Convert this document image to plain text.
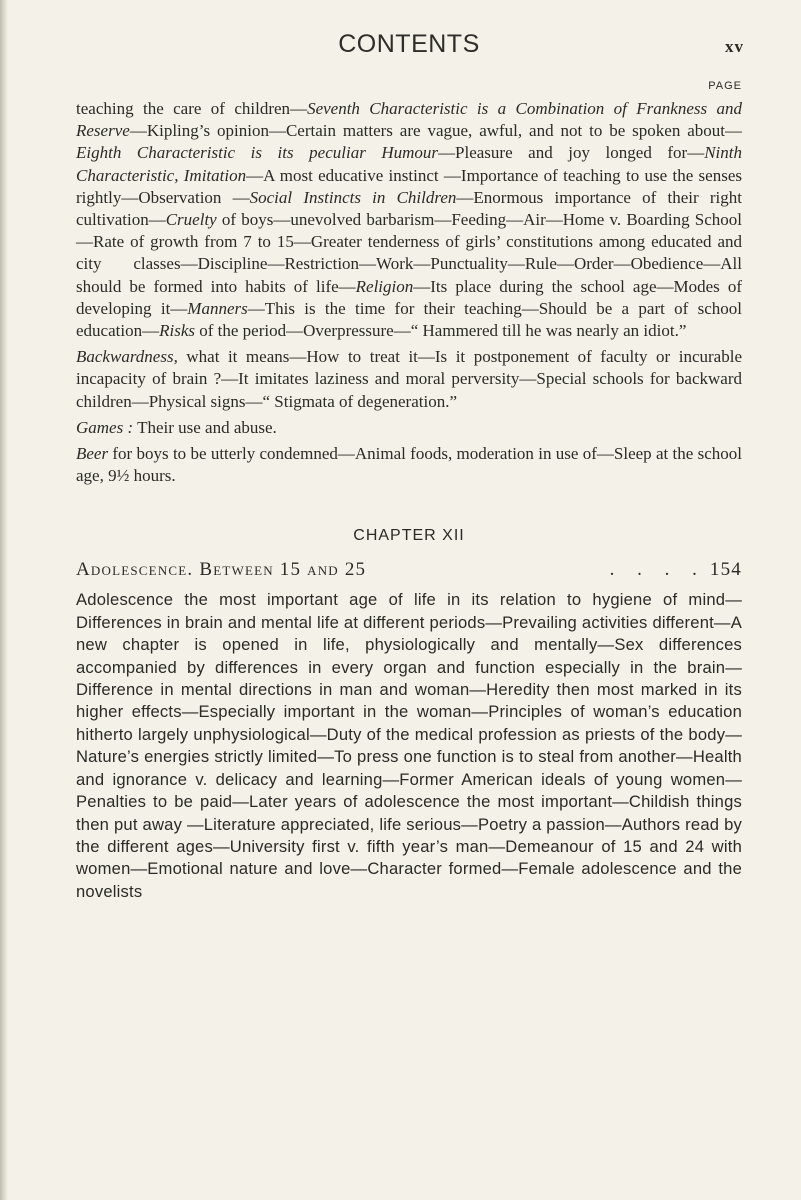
CONTENTS	xv
PAGE

teaching the care of children—Seventh Characteristic is a Combination of Frankness and Reserve—Kipling’s opinion—Certain matters are vague, awful, and not to be spoken about—Eighth Characteristic is its peculiar Humour—Pleasure and joy longed for—Ninth Characteristic, Imitation—A most educative instinct —Importance of teaching to use the senses rightly—Observation —Social Instincts in Children—Enormous importance of their right cultivation—Cruelty of boys—unevolved barbarism—Feeding—Air—Home v. Boarding School—Rate of growth from 7 to 15—Greater tenderness of girls’ constitutions among educated and city classes—Discipline—Restriction—Work—Punctuality—Rule—Order—Obedience—All should be formed into habits of life—Religion—Its place during the school age—Modes of developing it—Manners—This is the time for their teaching—Should be a part of school education—Risks of the period—Overpressure—“ Hammered till he was nearly an idiot.”

Backwardness, what it means—How to treat it—Is it postponement of faculty or incurable incapacity of brain ?—It imitates laziness and moral perversity—Special schools for backward children—Physical signs—“ Stigmata of degeneration.”

Games : Their use and abuse.

Beer for boys to be utterly condemned—Animal foods, moderation in use of—Sleep at the school age, 9½ hours.

CHAPTER XII
Adolescence. Between 15 and 25	. . . . 154

Adolescence the most important age of life in its relation to hygiene of mind—Differences in brain and mental life at different periods—Prevailing activities different—A new chapter is opened in life, physiologically and mentally—Sex differences accompanied by differences in every organ and function especially in the brain—Difference in mental directions in man and woman—Heredity then most marked in its higher effects—Especially important in the woman—Principles of woman’s education hitherto largely unphysiological—Duty of the medical profession as priests of the body—Nature’s energies strictly limited—To press one function is to steal from another—Health and ignorance v. delicacy and learning—Former American ideals of young women—Penalties to be paid—Later years of adolescence the most important—Childish things then put away —Literature appreciated, life serious—Poetry a passion—Authors read by the different ages—University first v. fifth year’s man—Demeanour of 15 and 24 with women—Emotional nature and love—Character formed—Female adolescence and the novelists
